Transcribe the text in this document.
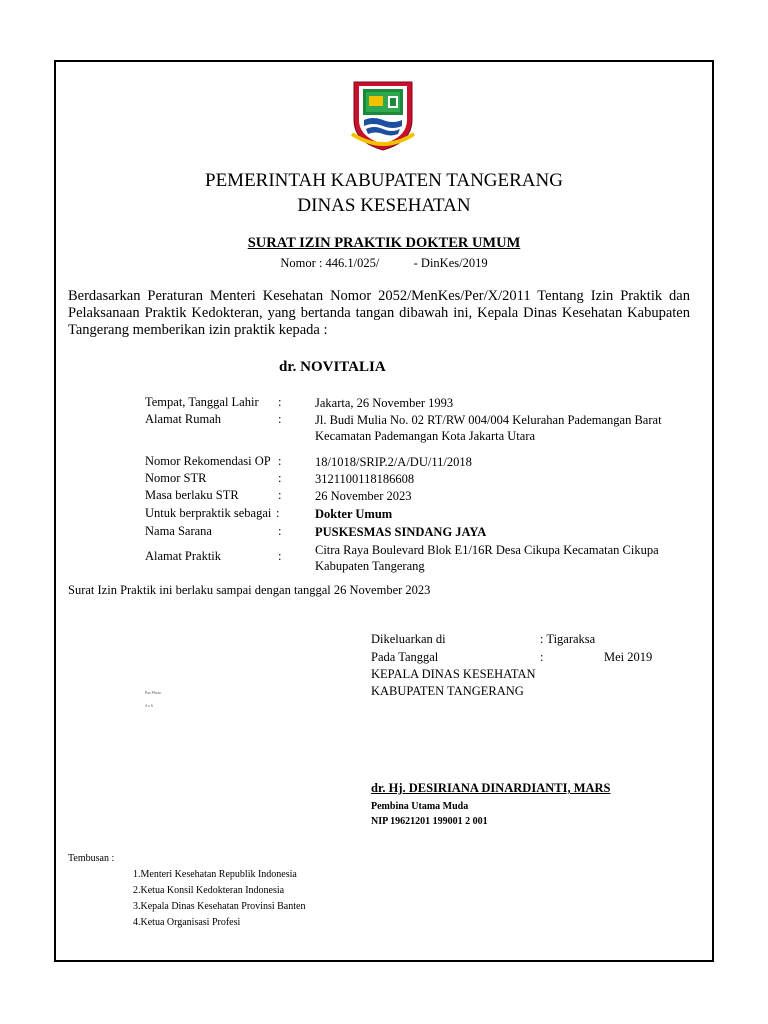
PEMERINTAH KABUPATEN TANGERANG
DINAS KESEHATAN
SURAT IZIN PRAKTIK DOKTER UMUM
Nomor : 446.1/025/	- DinKes/2019
Berdasarkan Peraturan Menteri Kesehatan Nomor 2052/MenKes/Per/X/2011 Tentang Izin Praktik dan Pelaksanaan Praktik Kedokteran, yang bertanda tangan dibawah ini, Kepala Dinas Kesehatan Kabupaten Tangerang memberikan izin praktik kepada :
dr. NOVITALIA
Tempat, Tanggal Lahir :	Jakarta, 26 November 1993
Alamat Rumah	:	Jl. Budi Mulia No. 02 RT/RW 004/004 Kelurahan Pademangan Barat Kecamatan Pademangan Kota Jakarta Utara
Nomor Rekomendasi OP :	18/1018/SRIP.2/A/DU/11/2018
Nomor STR	:	3121100118186608
Masa berlaku STR	:	26 November 2023
Untuk berpraktik sebagai :	Dokter Umum
Nama Sarana	:	PUSKESMAS SINDANG JAYA
Alamat Praktik	:	Citra Raya Boulevard Blok E1/16R Desa Cikupa Kecamatan Cikupa Kabupaten Tangerang
Surat Izin Praktik ini berlaku sampai dengan tanggal 26 November 2023
Dikeluarkan di	: Tigaraksa
Pada Tanggal	:	Mei 2019
KEPALA DINAS KESEHATAN
KABUPATEN TANGERANG
Pas Photo
4 x 6
dr. Hj. DESIRIANA DINARDIANTI, MARS
Pembina Utama Muda
NIP 19621201 199001 2 001
Tembusan :
1.Menteri Kesehatan Republik Indonesia
2.Ketua Konsil Kedokteran Indonesia
3.Kepala Dinas Kesehatan Provinsi Banten
4.Ketua Organisasi Profesi
